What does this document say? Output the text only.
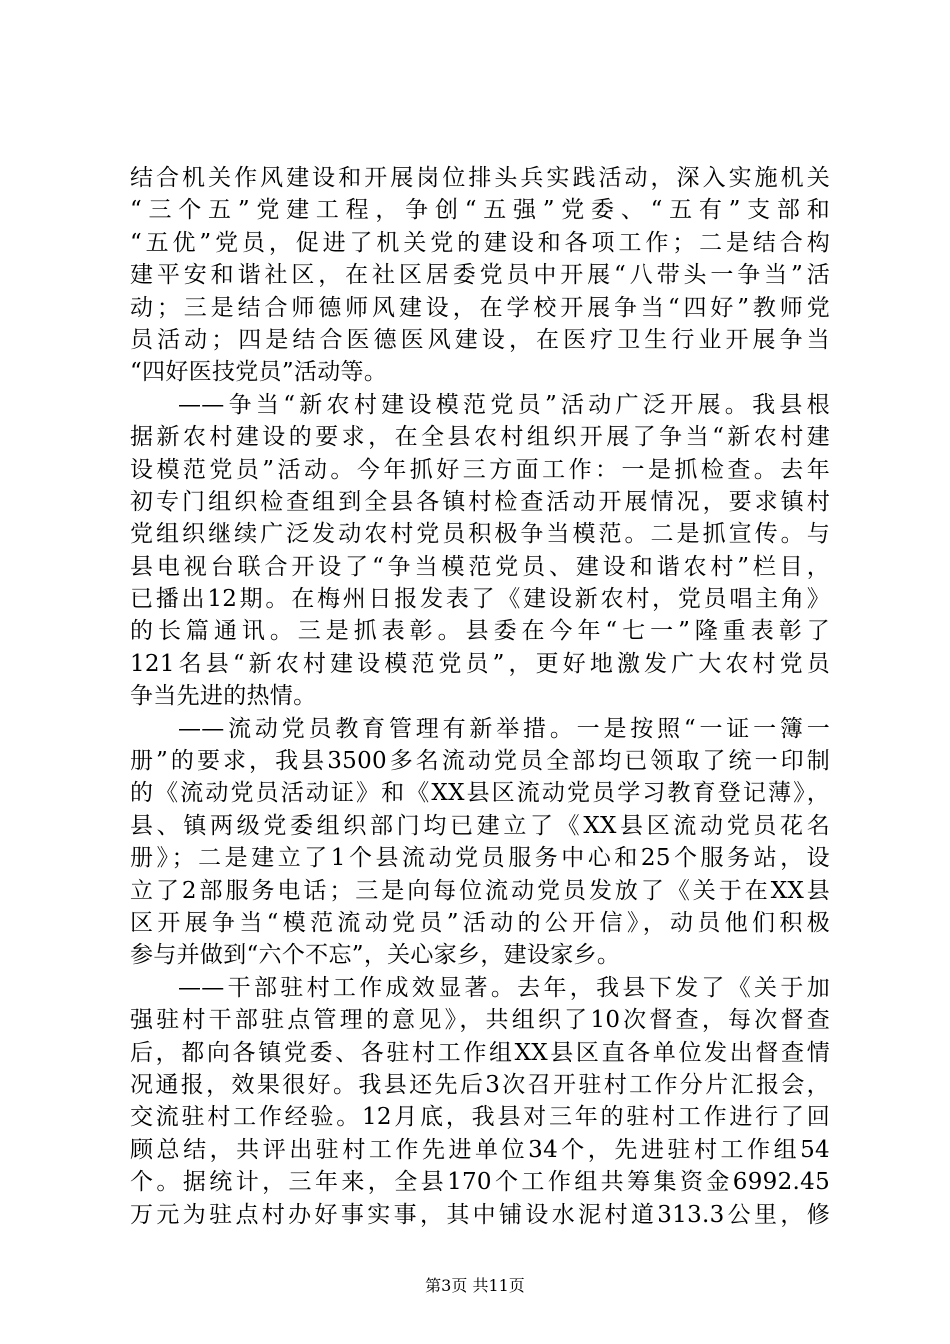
结合机关作风建设和开展岗位排头兵实践活动，深入实施机关
“三个五”党建工程，争创“五强”党委、“五有”支部和
“五优”党员，促进了机关党的建设和各项工作；二是结合构
建平安和谐社区，在社区居委党员中开展“八带头一争当”活
动；三是结合师德师风建设，在学校开展争当“四好”教师党
员活动；四是结合医德医风建设，在医疗卫生行业开展争当
“四好医技党员”活动等。
——争当“新农村建设模范党员”活动广泛开展。我县根
据新农村建设的要求，在全县农村组织开展了争当“新农村建
设模范党员”活动。今年抓好三方面工作：一是抓检查。去年
初专门组织检查组到全县各镇村检查活动开展情况，要求镇村
党组织继续广泛发动农村党员积极争当模范。二是抓宣传。与
县电视台联合开设了“争当模范党员、建设和谐农村”栏目，
已播出12期。在梅州日报发表了《建设新农村，党员唱主角》
的长篇通讯。三是抓表彰。县委在今年“七一”隆重表彰了
121名县“新农村建设模范党员”，更好地激发广大农村党员
争当先进的热情。
——流动党员教育管理有新举措。一是按照“一证一簿一
册”的要求，我县3500多名流动党员全部均已领取了统一印制
的《流动党员活动证》和《XX县区流动党员学习教育登记薄》，
县、镇两级党委组织部门均已建立了《XX县区流动党员花名
册》；二是建立了1个县流动党员服务中心和25个服务站，设
立了2部服务电话；三是向每位流动党员发放了《关于在XX县
区开展争当“模范流动党员”活动的公开信》，动员他们积极
参与并做到“六个不忘”，关心家乡，建设家乡。
——干部驻村工作成效显著。去年，我县下发了《关于加
强驻村干部驻点管理的意见》，共组织了10次督查，每次督查
后，都向各镇党委、各驻村工作组XX县区直各单位发出督查情
况通报，效果很好。我县还先后3次召开驻村工作分片汇报会，
交流驻村工作经验。12月底，我县对三年的驻村工作进行了回
顾总结，共评出驻村工作先进单位34个，先进驻村工作组54
个。据统计，三年来，全县170个工作组共筹集资金6992.45
万元为驻点村办好事实事，其中铺设水泥村道313.3公里，修
第3页 共11页
